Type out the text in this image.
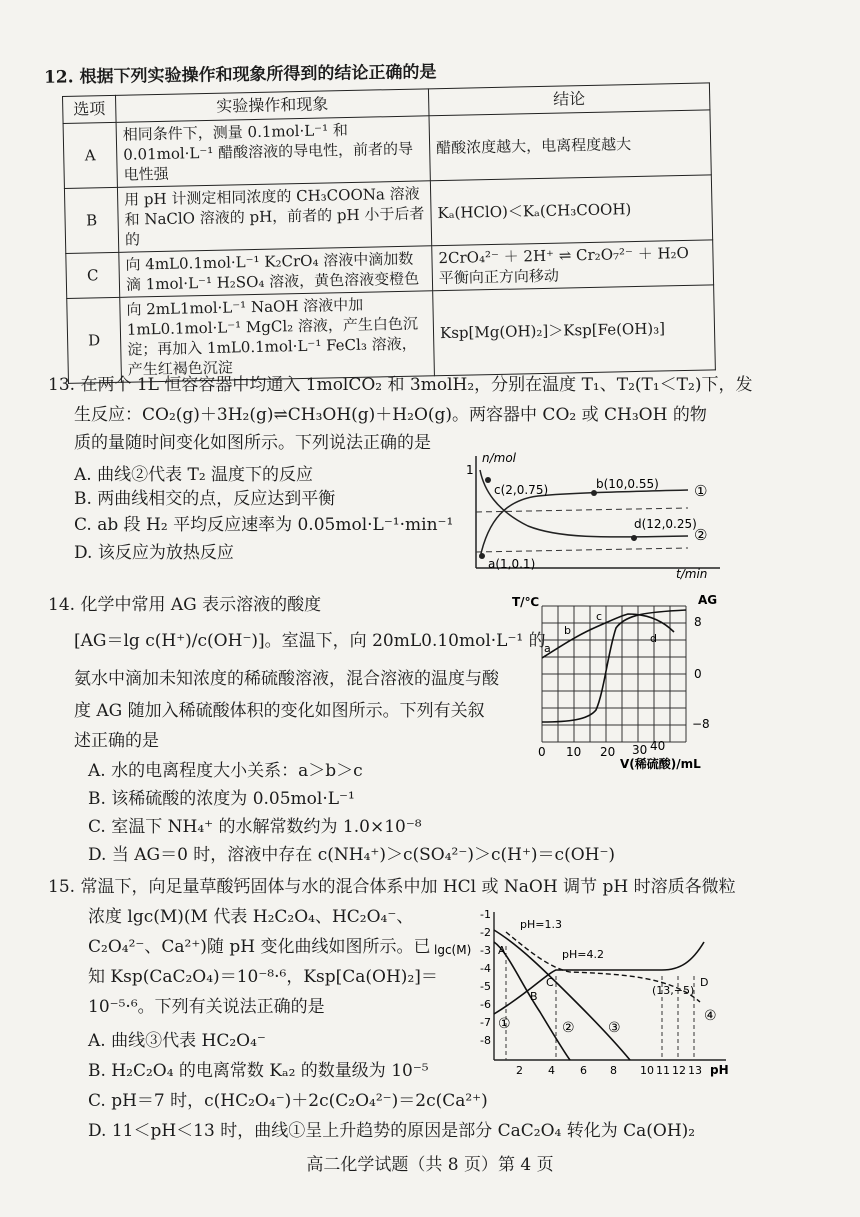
12. 根据下列实验操作和现象所得到的结论正确的是
选项	实验操作和现象	结论
A	相同条件下，测量 0.1mol·L⁻¹ 和 0.01mol·L⁻¹ 醋酸溶液的导电性，前者的导电性强	醋酸浓度越大，电离程度越大
B	用 pH 计测定相同浓度的 CH₃COONa 溶液和 NaClO 溶液的 pH，前者的 pH 小于后者的	Kₐ(HClO)＜Kₐ(CH₃COOH)
C	向 4mL0.1mol·L⁻¹ K₂CrO₄ 溶液中滴加数滴 1mol·L⁻¹ H₂SO₄ 溶液，黄色溶液变橙色	2CrO₄²⁻ ＋ 2H⁺ ⇌ Cr₂O₇²⁻ ＋ H₂O 平衡向正方向移动
D	向 2mL1mol·L⁻¹ NaOH 溶液中加 1mL0.1mol·L⁻¹ MgCl₂ 溶液，产生白色沉淀；再加入 1mL0.1mol·L⁻¹ FeCl₃ 溶液，产生红褐色沉淀	Ksp[Mg(OH)₂]＞Ksp[Fe(OH)₃]
13. 在两个 1L 恒容容器中均通入 1molCO₂ 和 3molH₂，分别在温度 T₁、T₂(T₁＜T₂)下，发
生反应：CO₂(g)＋3H₂(g)⇌CH₃OH(g)＋H₂O(g)。两容器中 CO₂ 或 CH₃OH 的物
质的量随时间变化如图所示。下列说法正确的是
A. 曲线②代表 T₂ 温度下的反应
B. 两曲线相交的点，反应达到平衡
C. ab 段 H₂ 平均反应速率为 0.05mol·L⁻¹·min⁻¹
D. 该反应为放热反应
n/mol
1
t/min
c(2,0.75)	b(10,0.55)
d(12,0.25)
a(1,0.1)
①
②
14. 化学中常用 AG 表示溶液的酸度
[AG＝lg c(H⁺)/c(OH⁻)]。室温下，向 20mL0.10mol·L⁻¹ 的
氨水中滴加未知浓度的稀硫酸溶液，混合溶液的温度与酸
度 AG 随加入稀硫酸体积的变化如图所示。下列有关叙
述正确的是
A. 水的电离程度大小关系：a＞b＞c
B. 该稀硫酸的浓度为 0.05mol·L⁻¹
C. 室温下 NH₄⁺ 的水解常数约为 1.0×10⁻⁸
D. 当 AG＝0 时，溶液中存在 c(NH₄⁺)＞c(SO₄²⁻)＞c(H⁺)＝c(OH⁻)
T/℃	AG
8
0
−8
0 10 20 30 40
V(稀硫酸)/mL
a
b
c
d
15. 常温下，向足量草酸钙固体与水的混合体系中加 HCl 或 NaOH 调节 pH 时溶质各微粒
浓度 lgc(M)(M 代表 H₂C₂O₄、HC₂O₄⁻、
C₂O₄²⁻、Ca²⁺)随 pH 变化曲线如图所示。已
知 Ksp(CaC₂O₄)＝10⁻⁸·⁶，Ksp[Ca(OH)₂]＝
10⁻⁵·⁶。下列有关说法正确的是
A. 曲线③代表 HC₂O₄⁻
B. H₂C₂O₄ 的电离常数 Kₐ₂ 的数量级为 10⁻⁵
C. pH＝7 时，c(HC₂O₄⁻)＋2c(C₂O₄²⁻)＝2c(Ca²⁺)
D. 11＜pH＜13 时，曲线①呈上升趋势的原因是部分 CaC₂O₄ 转化为 Ca(OH)₂
lgc(M)
-1
-2
-3
-4
-5
-6
-7
-8
2 4 6 8 10 11 12 13 pH
pH=1.3
pH=4.2
(13,−5)
A
B
C	D
①	② ③
④
高二化学试题（共 8 页）第 4 页
